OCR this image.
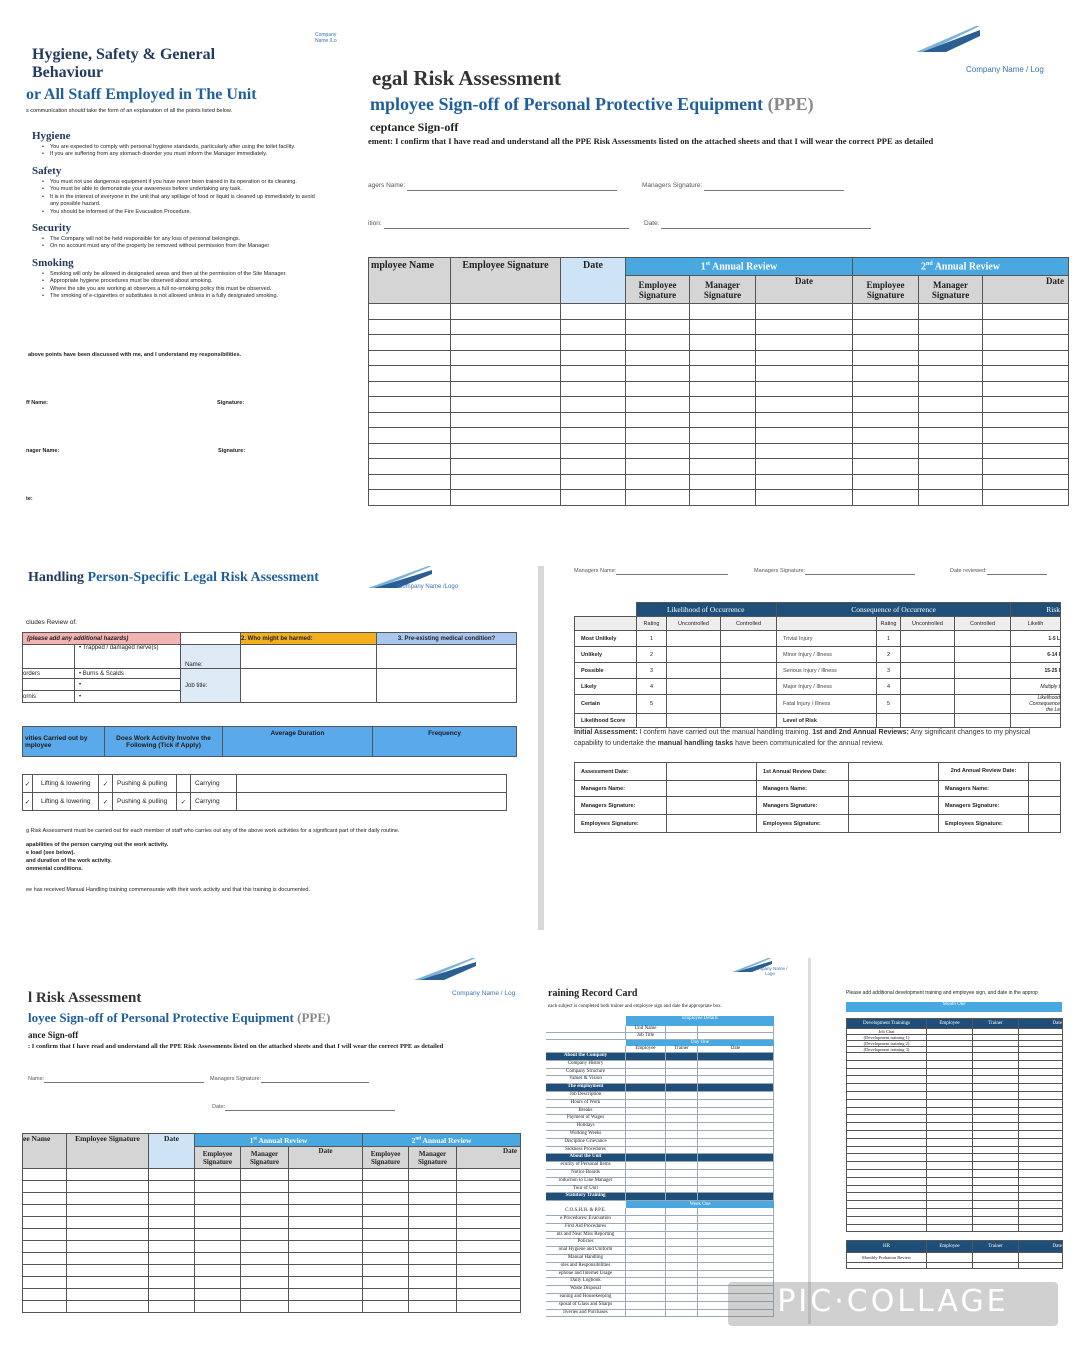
Company Name /Lo
Hygiene, Safety & General
Behaviour
or All Staff Employed in The Unit
s communication should take the form of an explanation of all the points listed below.
Hygiene
• You are expected to comply with personal hygiene standards, particularly after using the toilet facility.
• If you are suffering from any stomach disorder you must inform the Manager immediately.
Safety
• You must not use dangerous equipment if you have never been trained in its operation or its cleaning.
• You must be able to demonstrate your awareness before undertaking any task.
• It is in the interest of everyone in the unit that any spillage of food or liquid is cleaned up immediately to avoid any possible hazard.
• You should be informed of the Fire Evacuation Procedure.
Security
• The Company will not be held responsible for any loss of personal belongings.
• On no account must any of the property be removed without permission from the Manager
Smoking
• Smoking will only be allowed in designated areas and then at the permission of the Site Manager.
• Appropriate hygiene procedures must be observed about smoking.
• Where the site you are working at observes a full no-smoking policy this must be observed.
• The smoking of e-cigarettes or substitutes is not allowed unless in a fully designated smoking.
above points have been discussed with me, and I understand my responsibilities.
ff Name:	Signature:
nager Name:	Signature:
te:
Company Name / Log
egal Risk Assessment
mployee Sign-off of Personal Protective Equipment (PPE)
ceptance Sign-off
ement: I confirm that I have read and understand all the PPE Risk Assessments listed on the attached sheets and that I will wear the correct PPE as detailed
agers Name:	Managers Signature:
ition:	Date:
mployee Name	Employee Signature	Date	1st Annual Review			2nd Annual Review		
			Employee Signature	Manager Signature	Date	Employee Signature	Manager Signature	Date

Handling Person-Specific Legal Risk Assessment
Company Name /Logo
cludes Review of:
(please add any additional hazards)			2. Who might be harmed:	3. Pre-existing medical condition?
	• Trapped / damaged nerve(s)	Name:		
orders	• Burns & Scalds	Job title:		
	•			
ornis	•			
vities Carried out by mployee	Does Work Activity Involve the Following (Tick if Apply)	Average Duration	Frequency
✓	Lifting & lowering	✓	Pushing & pulling		Carrying	
✓	Lifting & lowering	✓	Pushing & pulling	✓	Carrying	
g Risk Assessment must be carried out for each member of staff who carries out any of the above work activities for a significant part of their daily routine.
apabilities of the person carrying out the work activity.
e load (see below).
and duration of the work activity.
ommental conditions.
ee has received Manual Handling training commensurate with their work activity and that this training is documented.
Managers Name:	Managers Signature:	Date reviewed:
	Likelihood of Occurrence			Consequence of Occurrence				Risk
	Rating	Uncontrolled	Controlled		Rating	Uncontrolled	Controlled	Likelih
Most Unlikely	1			Trivial Injury	1			1-5 L
Unlikely	2			Minor Injury / Illness	2			6-14 I
Possible	3			Serious Injury / Illness	3			15-25 I
Likely	4			Major Injury / Illness	4			Multiply t
Certain	5			Fatal Injury / Illness	5			Likelihood
Consequence
the Le
Likelihood Score				Level of Risk				
Initial Assessment: I confirm have carried out the manual handling training. 1st and 2nd Annual Reviews: Any significant changes to my physical capability to undertake the manual handling tasks have been communicated for the annual review.
Assessment Date:		1st Annual Review Date:		2nd Annual Review Date:	
Managers Name:		Managers Name:		Managers Name:	
Managers Signature:		Managers Signature:		Managers Signature:	
Employees Signature:		Employees Signature:		Employees Signature:	
Company Name / Log
l Risk Assessment
loyee Sign-off of Personal Protective Equipment (PPE)
ance Sign-off
: I confirm that I have read and understand all the PPE Risk Assessments listed on the attached sheets and that I will wear the correct PPE as detailed
Name:	Managers Signature:
Date:
ee Name	Employee Signature	Date	1st Annual Review			2nd Annual Review		
			Employee Signature	Manager Signature	Date	Employee Signature	Manager Signature	Date

Company Name / Logo
raining Record Card
each subject is completed both trainer and employee sign and date the appropriate box.
Employee Details
Unit Name
Job Title
Day One
Employee	Trainer	Date
About the Company
Company History
Company Structure
Values & Vision
The employment
Job Description
Hours of Work
Breaks
Payment of Wages
Holidays
Working Weeks
Discipline Grievance
Sickness Procedures
About the Unit
ecurity of Personal Items
Notice Boards
roduction to Line Manager
Tour of Unit
Statutory Training
Week One
C.O.S.H.H. & P.P.E.
e Procedures/ Evacuation
First Aid Procedures
nts and Near Miss Reporting
Policies
onal Hygiene and Uniform
Manual Handling
oles and Responsibilities
ephone and Internet Usage
Daily Logbook
Waste Disposal
eaning and Housekeeping
sposal of Glass and Sharps
liveries and Purchases
Please add additional development training and employee sign, and date in the approp
Month One
Development Trainings	Employee	Trainer	Date
Job Chat			
(Development training 1)			
(Development training 2)			
(Development training 3)			

HR	Employee	Trainer	Date
Monthly Probation Review			

PIC·COLLAGE
